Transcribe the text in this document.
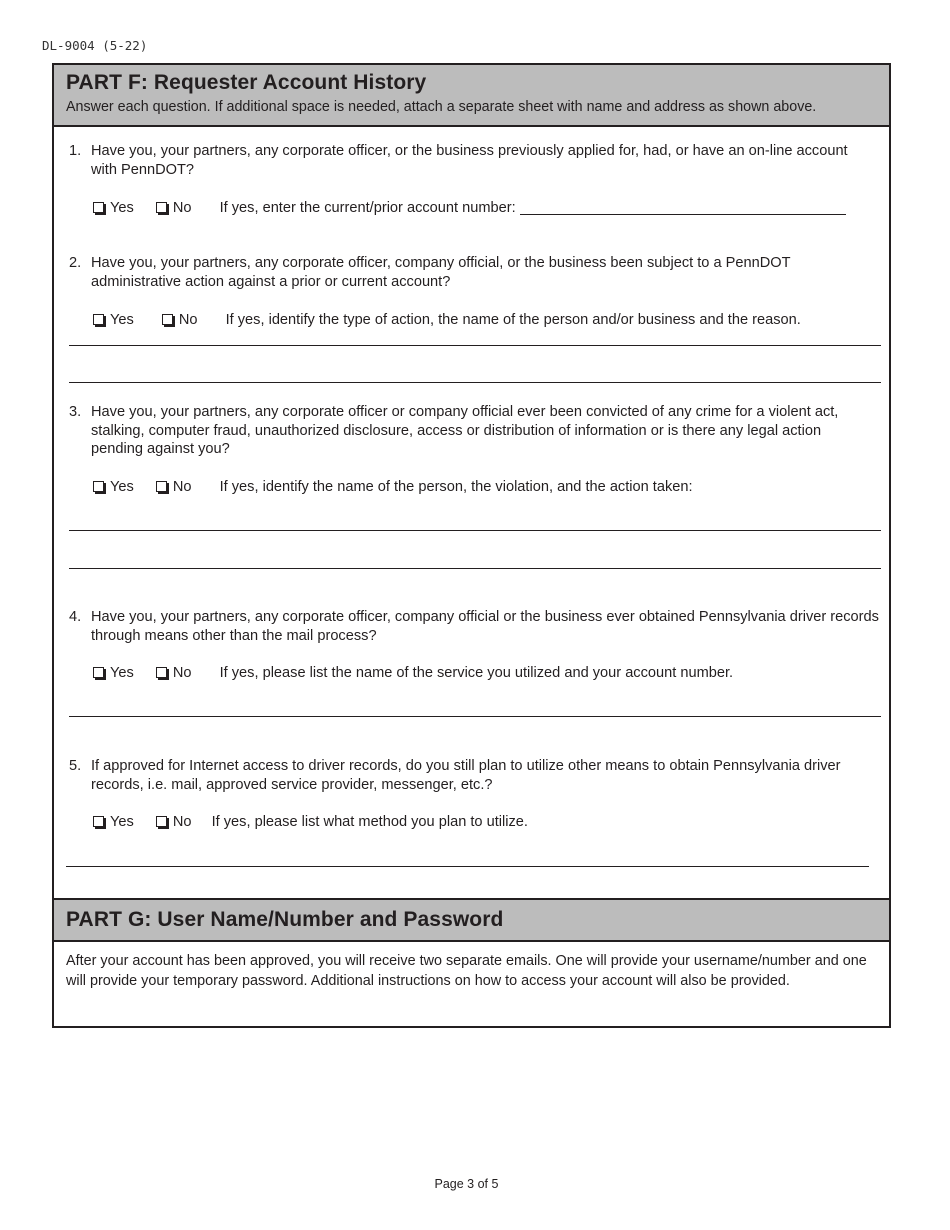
DL-9004 (5-22)
PART F: Requester Account History
Answer each question. If additional space is needed, attach a separate sheet with name and address as shown above.
1. Have you, your partners, any corporate officer, or the business previously applied for, had, or have an on-line account with PennDOT?
Yes	No If yes, enter the current/prior account number:
2. Have you, your partners, any corporate officer, company official, or the business been subject to a PennDOT administrative action against a prior or current account?
Yes	No If yes, identify the type of action, the name of the person and/or business and the reason.
3. Have you, your partners, any corporate officer or company official ever been convicted of any crime for a violent act, stalking, computer fraud, unauthorized disclosure, access or distribution of information or is there any legal action pending against you?
Yes	No If yes, identify the name of the person, the violation, and the action taken:
4. Have you, your partners, any corporate officer, company official or the business ever obtained Pennsylvania driver records through means other than the mail process?
Yes	No If yes, please list the name of the service you utilized and your account number.
5. If approved for Internet access to driver records, do you still plan to utilize other means to obtain Pennsylvania driver records, i.e. mail, approved service provider, messenger, etc.?
Yes	No If yes, please list what method you plan to utilize.
PART G: User Name/Number and Password
After your account has been approved, you will receive two separate emails. One will provide your username/number and one will provide your temporary password. Additional instructions on how to access your account will also be provided.
Page 3 of 5
